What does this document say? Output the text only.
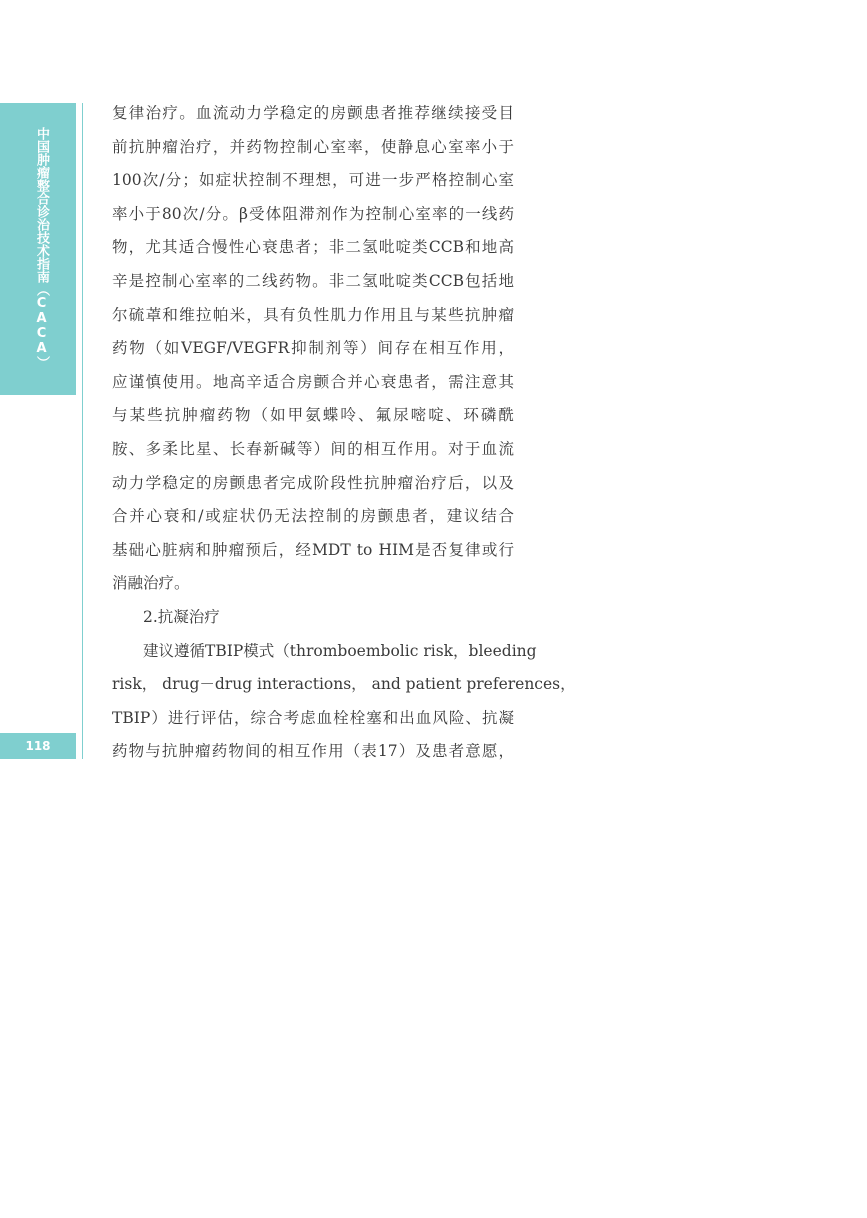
中国肿瘤整合诊治技术指南（CACA）
118

复律治疗。血流动力学稳定的房颤患者推荐继续接受目
前抗肿瘤治疗，并药物控制心室率，使静息心室率小于
100次/分；如症状控制不理想，可进一步严格控制心室
率小于80次/分。β受体阻滞剂作为控制心室率的一线药
物，尤其适合慢性心衰患者；非二氢吡啶类CCB和地高
辛是控制心室率的二线药物。非二氢吡啶类CCB包括地
尔硫䓬和维拉帕米，具有负性肌力作用且与某些抗肿瘤
药物（如VEGF/VEGFR抑制剂等）间存在相互作用，
应谨慎使用。地高辛适合房颤合并心衰患者，需注意其
与某些抗肿瘤药物（如甲氨蝶呤、氟尿嘧啶、环磷酰
胺、多柔比星、长春新碱等）间的相互作用。对于血流
动力学稳定的房颤患者完成阶段性抗肿瘤治疗后，以及
合并心衰和/或症状仍无法控制的房颤患者，建议结合
基础心脏病和肿瘤预后，经MDT to HIM是否复律或行
消融治疗。

2.抗凝治疗

建议遵循TBIP模式（thromboembolic risk，bleeding
risk， drug－drug interactions， and patient preferences，
TBIP）进行评估，综合考虑血栓栓塞和出血风险、抗凝
药物与抗肿瘤药物间的相互作用（表17）及患者意愿，
